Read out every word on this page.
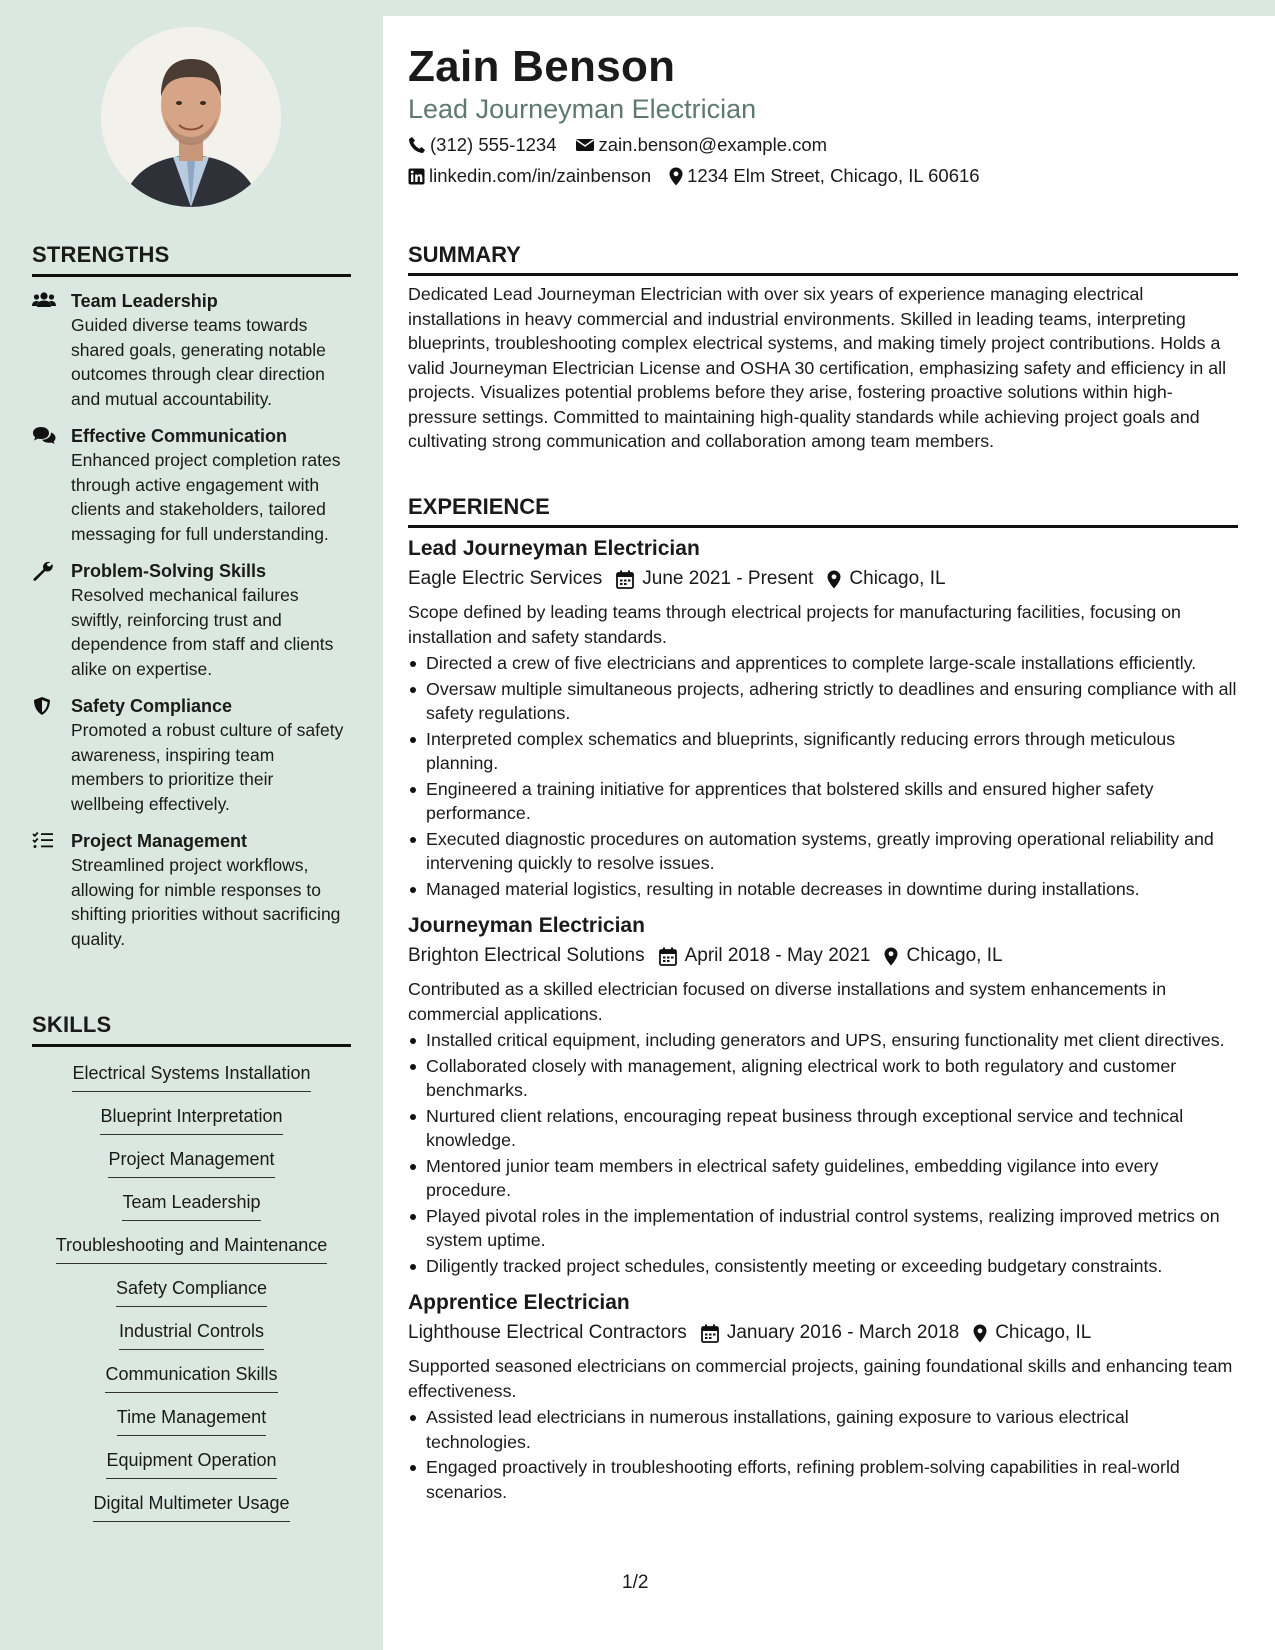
STRENGTHS
Team Leadership
Guided diverse teams towards shared goals, generating notable outcomes through clear direction and mutual accountability.
Effective Communication
Enhanced project completion rates through active engagement with clients and stakeholders, tailored messaging for full understanding.
Problem-Solving Skills
Resolved mechanical failures swiftly, reinforcing trust and dependence from staff and clients alike on expertise.
Safety Compliance
Promoted a robust culture of safety awareness, inspiring team members to prioritize their wellbeing effectively.
Project Management
Streamlined project workflows, allowing for nimble responses to shifting priorities without sacrificing quality.
SKILLS
Electrical Systems Installation
Blueprint Interpretation
Project Management
Team Leadership
Troubleshooting and Maintenance
Safety Compliance
Industrial Controls
Communication Skills
Time Management
Equipment Operation
Digital Multimeter Usage
Zain Benson
Lead Journeyman Electrician
(312) 555-1234 zain.benson@example.com
linkedin.com/in/zainbenson 1234 Elm Street, Chicago, IL 60616
SUMMARY
Dedicated Lead Journeyman Electrician with over six years of experience managing electrical installations in heavy commercial and industrial environments. Skilled in leading teams, interpreting blueprints, troubleshooting complex electrical systems, and making timely project contributions. Holds a valid Journeyman Electrician License and OSHA 30 certification, emphasizing safety and efficiency in all projects. Visualizes potential problems before they arise, fostering proactive solutions within high-pressure settings. Committed to maintaining high-quality standards while achieving project goals and cultivating strong communication and collaboration among team members.
EXPERIENCE
Lead Journeyman Electrician
Eagle Electric Services June 2021 - Present Chicago, IL
Scope defined by leading teams through electrical projects for manufacturing facilities, focusing on installation and safety standards.
Directed a crew of five electricians and apprentices to complete large-scale installations efficiently.
Oversaw multiple simultaneous projects, adhering strictly to deadlines and ensuring compliance with all safety regulations.
Interpreted complex schematics and blueprints, significantly reducing errors through meticulous planning.
Engineered a training initiative for apprentices that bolstered skills and ensured higher safety performance.
Executed diagnostic procedures on automation systems, greatly improving operational reliability and intervening quickly to resolve issues.
Managed material logistics, resulting in notable decreases in downtime during installations.
Journeyman Electrician
Brighton Electrical Solutions April 2018 - May 2021 Chicago, IL
Contributed as a skilled electrician focused on diverse installations and system enhancements in commercial applications.
Installed critical equipment, including generators and UPS, ensuring functionality met client directives.
Collaborated closely with management, aligning electrical work to both regulatory and customer benchmarks.
Nurtured client relations, encouraging repeat business through exceptional service and technical knowledge.
Mentored junior team members in electrical safety guidelines, embedding vigilance into every procedure.
Played pivotal roles in the implementation of industrial control systems, realizing improved metrics on system uptime.
Diligently tracked project schedules, consistently meeting or exceeding budgetary constraints.
Apprentice Electrician
Lighthouse Electrical Contractors January 2016 - March 2018 Chicago, IL
Supported seasoned electricians on commercial projects, gaining foundational skills and enhancing team effectiveness.
Assisted lead electricians in numerous installations, gaining exposure to various electrical technologies.
Engaged proactively in troubleshooting efforts, refining problem-solving capabilities in real-world scenarios.
1/2
